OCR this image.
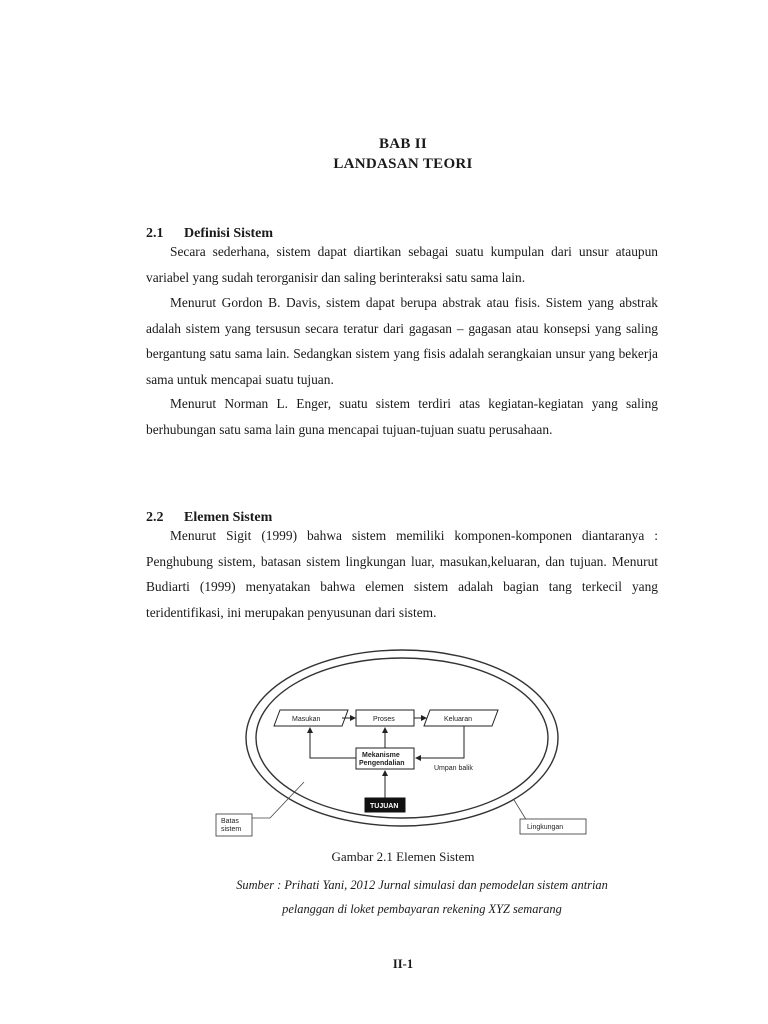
BAB II
LANDASAN TEORI
2.1 Definisi Sistem

Secara sederhana, sistem dapat diartikan sebagai suatu kumpulan dari unsur ataupun variabel yang sudah terorganisir dan saling berinteraksi satu sama lain.

Menurut Gordon B. Davis, sistem dapat berupa abstrak atau fisis. Sistem yang abstrak adalah sistem yang tersusun secara teratur dari gagasan – gagasan atau konsepsi yang saling bergantung satu sama lain. Sedangkan sistem yang fisis adalah serangkaian unsur yang bekerja sama untuk mencapai suatu tujuan.

Menurut Norman L. Enger, suatu sistem terdiri atas kegiatan-kegiatan yang saling berhubungan satu sama lain guna mencapai tujuan-tujuan suatu perusahaan.

2.2 Elemen Sistem

Menurut Sigit (1999) bahwa sistem memiliki komponen-komponen diantaranya : Penghubung sistem, batasan sistem lingkungan luar, masukan,keluaran, dan tujuan. Menurut Budiarti (1999) menyatakan bahwa elemen sistem adalah bagian tang terkecil yang teridentifikasi, ini merupakan penyusunan dari sistem.

Masukan	Proses	Keluaran
Mekanisme
Pengendalian
Umpan balik
TUJUAN
Batas
sistem	Lingkungan
Gambar 2.1 Elemen Sistem
Sumber : Prihati Yani, 2012 Jurnal simulasi dan pemodelan sistem antrian
pelanggan di loket pembayaran rekening XYZ semarang
II-1
